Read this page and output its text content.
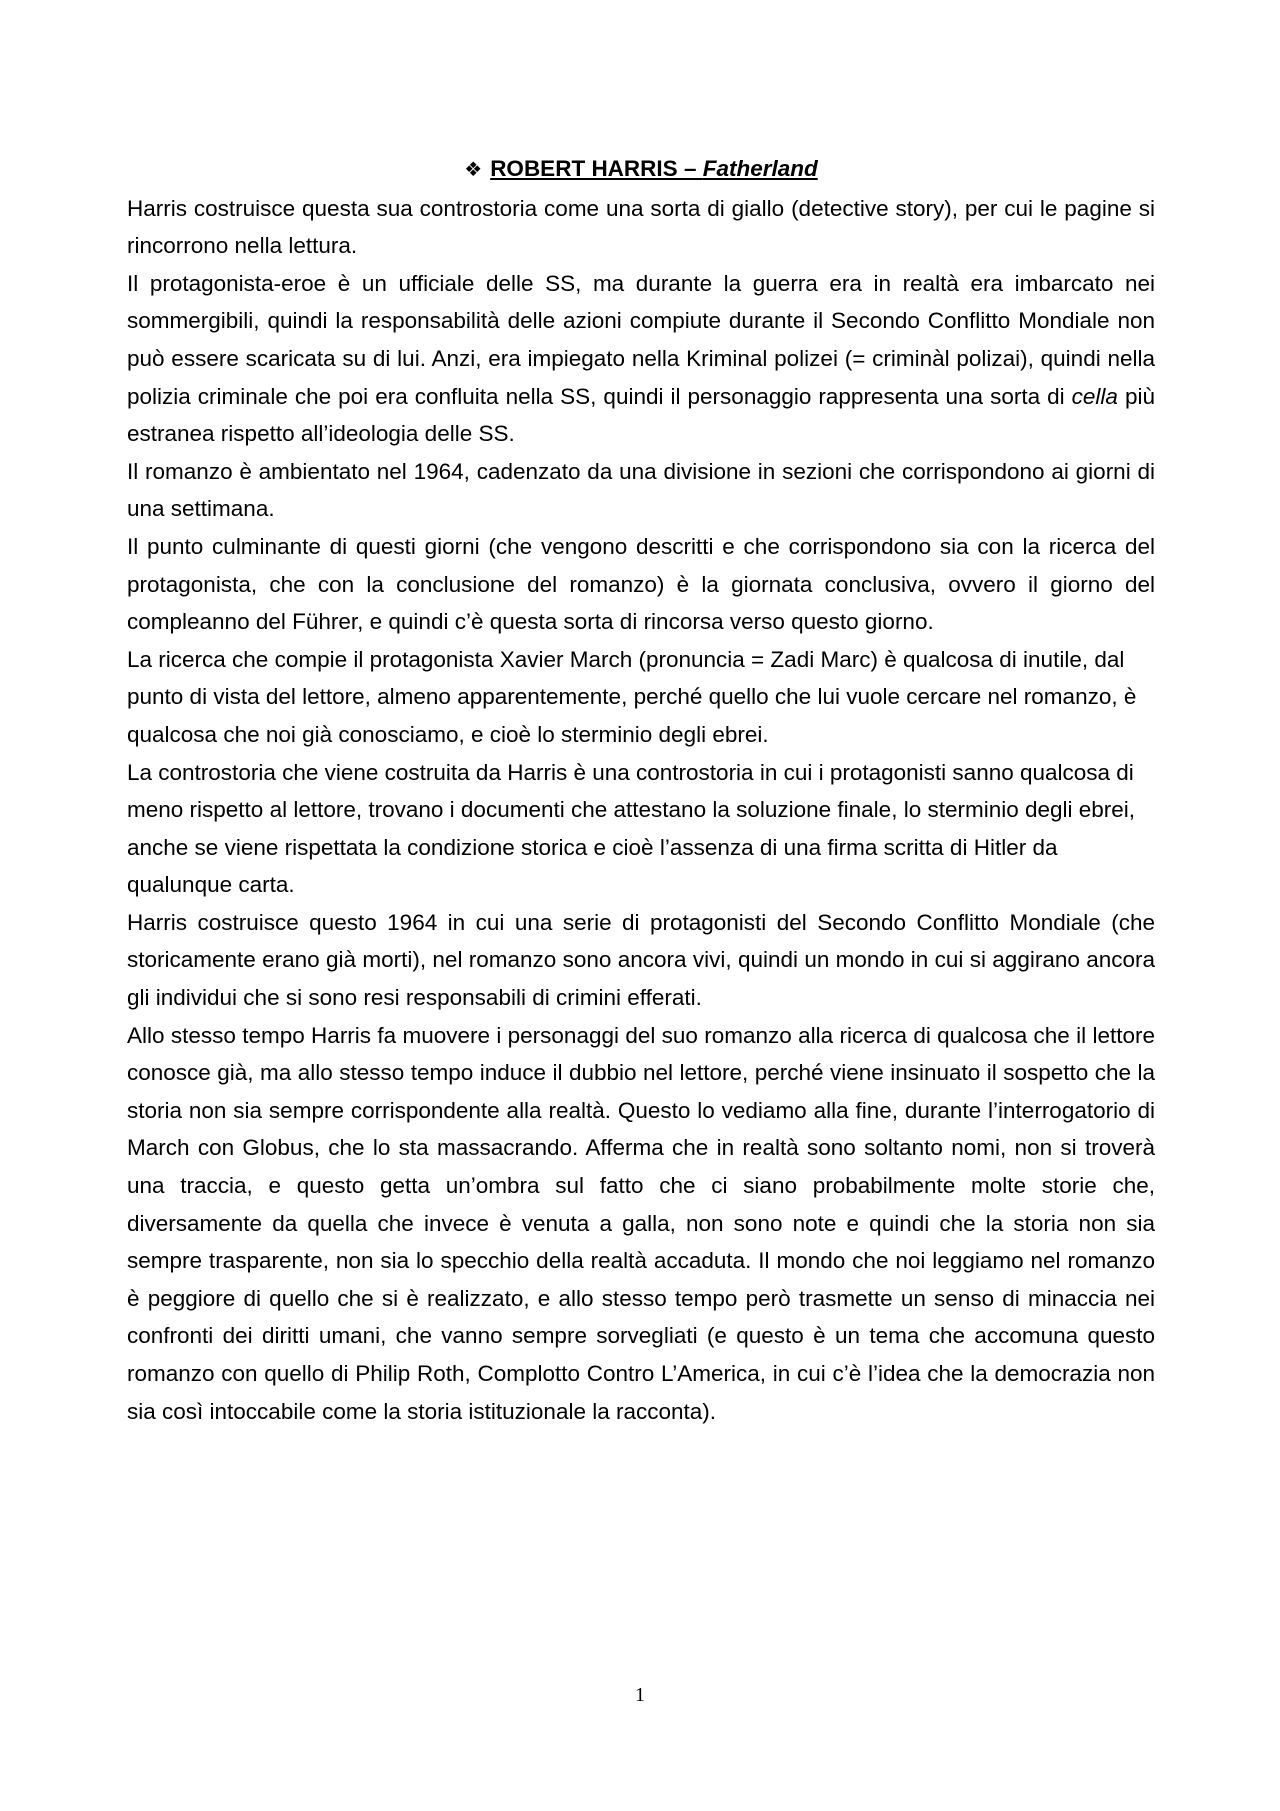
❖ ROBERT HARRIS – Fatherland

Harris costruisce questa sua controstoria come una sorta di giallo (detective story), per cui le pagine si rincorrono nella lettura.

Il protagonista-eroe è un ufficiale delle SS, ma durante la guerra era in realtà era imbarcato nei sommergibili, quindi la responsabilità delle azioni compiute durante il Secondo Conflitto Mondiale non può essere scaricata su di lui. Anzi, era impiegato nella Kriminal polizei (= criminàl polizai), quindi nella polizia criminale che poi era confluita nella SS, quindi il personaggio rappresenta una sorta di cella più estranea rispetto all’ideologia delle SS.

Il romanzo è ambientato nel 1964, cadenzato da una divisione in sezioni che corrispondono ai giorni di una settimana.

Il punto culminante di questi giorni (che vengono descritti e che corrispondono sia con la ricerca del protagonista, che con la conclusione del romanzo) è la giornata conclusiva, ovvero il giorno del compleanno del Führer, e quindi c’è questa sorta di rincorsa verso questo giorno.

La ricerca che compie il protagonista Xavier March (pronuncia = Zadi Marc) è qualcosa di inutile, dal punto di vista del lettore, almeno apparentemente, perché quello che lui vuole cercare nel romanzo, è qualcosa che noi già conosciamo, e cioè lo sterminio degli ebrei.

La controstoria che viene costruita da Harris è una controstoria in cui i protagonisti sanno qualcosa di meno rispetto al lettore, trovano i documenti che attestano la soluzione finale, lo sterminio degli ebrei, anche se viene rispettata la condizione storica e cioè l’assenza di una firma scritta di Hitler da qualunque carta.

Harris costruisce questo 1964 in cui una serie di protagonisti del Secondo Conflitto Mondiale (che storicamente erano già morti), nel romanzo sono ancora vivi, quindi un mondo in cui si aggirano ancora gli individui che si sono resi responsabili di crimini efferati.

Allo stesso tempo Harris fa muovere i personaggi del suo romanzo alla ricerca di qualcosa che il lettore conosce già, ma allo stesso tempo induce il dubbio nel lettore, perché viene insinuato il sospetto che la storia non sia sempre corrispondente alla realtà. Questo lo vediamo alla fine, durante l’interrogatorio di March con Globus, che lo sta massacrando. Afferma che in realtà sono soltanto nomi, non si troverà una traccia, e questo getta un’ombra sul fatto che ci siano probabilmente molte storie che, diversamente da quella che invece è venuta a galla, non sono note e quindi che la storia non sia sempre trasparente, non sia lo specchio della realtà accaduta. Il mondo che noi leggiamo nel romanzo è peggiore di quello che si è realizzato, e allo stesso tempo però trasmette un senso di minaccia nei confronti dei diritti umani, che vanno sempre sorvegliati (e questo è un tema che accomuna questo romanzo con quello di Philip Roth, Complotto Contro L’America, in cui c’è l’idea che la democrazia non sia così intoccabile come la storia istituzionale la racconta).

1
